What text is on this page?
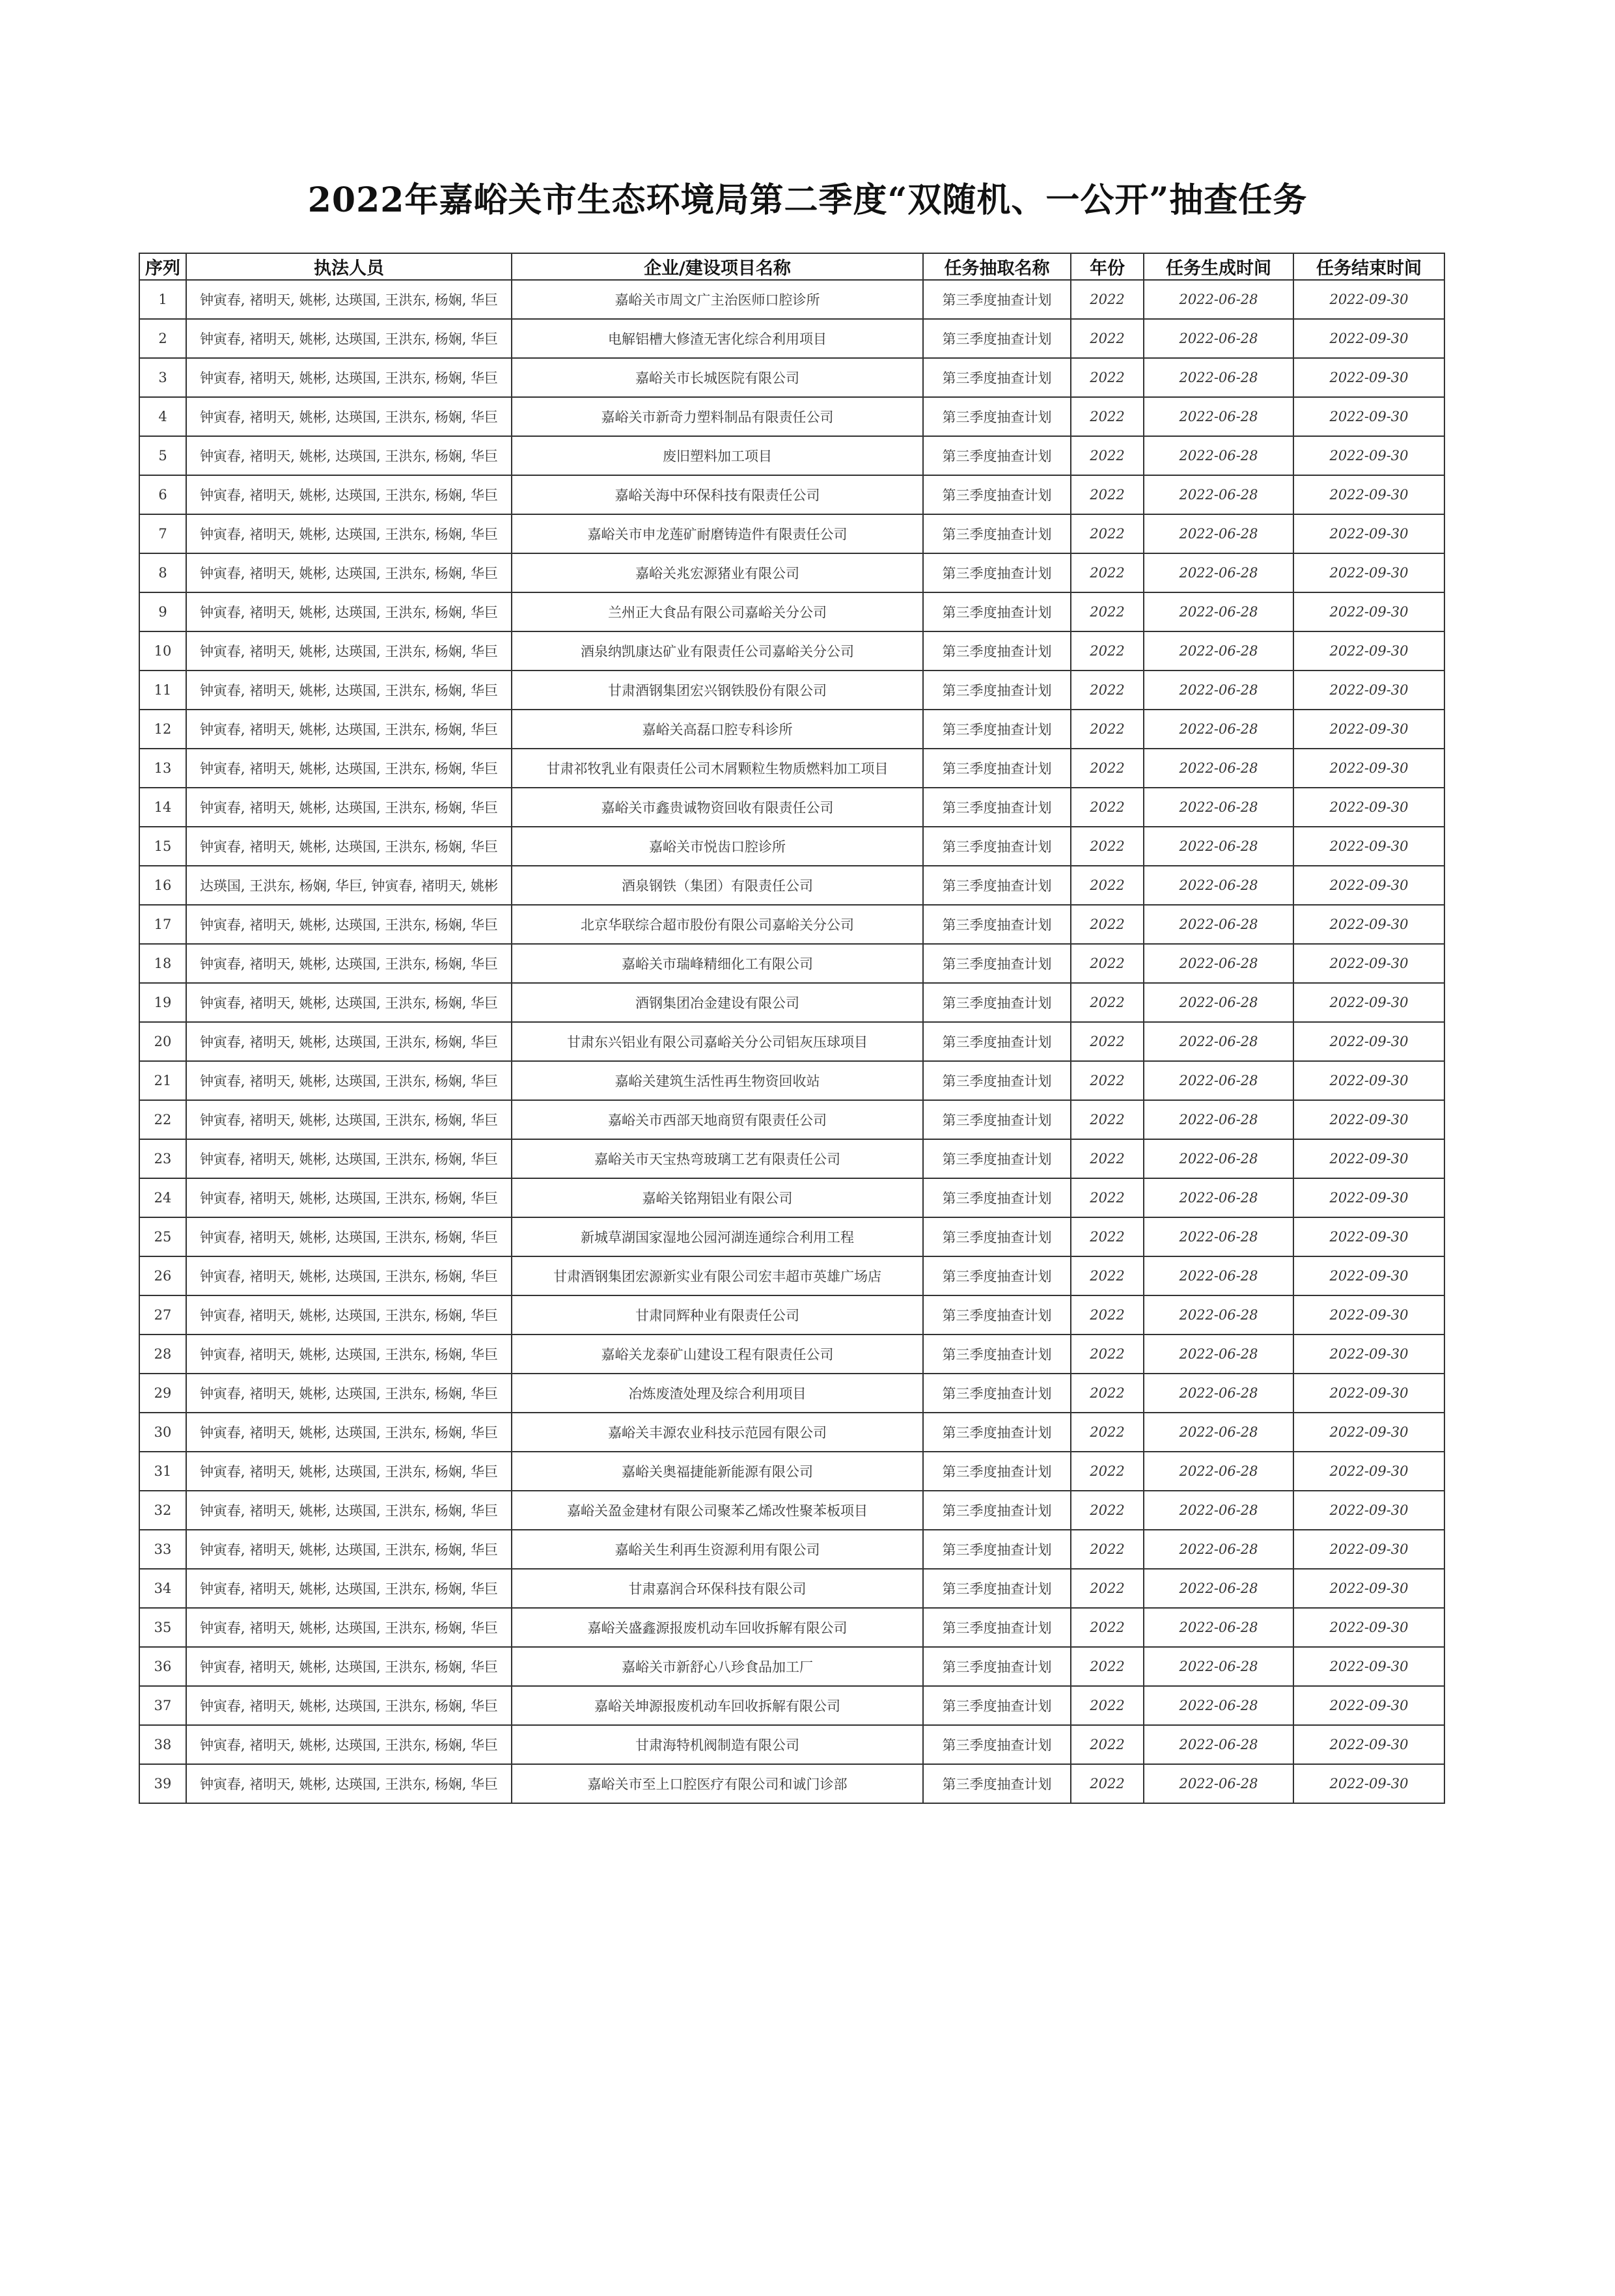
2022年嘉峪关市生态环境局第二季度“双随机、一公开”抽查任务
序列	执法人员	企业/建设项目名称	任务抽取名称	年份	任务生成时间	任务结束时间
1	钟寅春, 褚明天, 姚彬, 达瑛国, 王洪东, 杨娴, 华巨	嘉峪关市周文广主治医师口腔诊所	第三季度抽查计划	2022	2022-06-28	2022-09-30
2	钟寅春, 褚明天, 姚彬, 达瑛国, 王洪东, 杨娴, 华巨	电解铝槽大修渣无害化综合利用项目	第三季度抽查计划	2022	2022-06-28	2022-09-30
3	钟寅春, 褚明天, 姚彬, 达瑛国, 王洪东, 杨娴, 华巨	嘉峪关市长城医院有限公司	第三季度抽查计划	2022	2022-06-28	2022-09-30
4	钟寅春, 褚明天, 姚彬, 达瑛国, 王洪东, 杨娴, 华巨	嘉峪关市新奇力塑料制品有限责任公司	第三季度抽查计划	2022	2022-06-28	2022-09-30
5	钟寅春, 褚明天, 姚彬, 达瑛国, 王洪东, 杨娴, 华巨	废旧塑料加工项目	第三季度抽查计划	2022	2022-06-28	2022-09-30
6	钟寅春, 褚明天, 姚彬, 达瑛国, 王洪东, 杨娴, 华巨	嘉峪关海中环保科技有限责任公司	第三季度抽查计划	2022	2022-06-28	2022-09-30
7	钟寅春, 褚明天, 姚彬, 达瑛国, 王洪东, 杨娴, 华巨	嘉峪关市申龙莲矿耐磨铸造件有限责任公司	第三季度抽查计划	2022	2022-06-28	2022-09-30
8	钟寅春, 褚明天, 姚彬, 达瑛国, 王洪东, 杨娴, 华巨	嘉峪关兆宏源猪业有限公司	第三季度抽查计划	2022	2022-06-28	2022-09-30
9	钟寅春, 褚明天, 姚彬, 达瑛国, 王洪东, 杨娴, 华巨	兰州正大食品有限公司嘉峪关分公司	第三季度抽查计划	2022	2022-06-28	2022-09-30
10	钟寅春, 褚明天, 姚彬, 达瑛国, 王洪东, 杨娴, 华巨	酒泉纳凯康达矿业有限责任公司嘉峪关分公司	第三季度抽查计划	2022	2022-06-28	2022-09-30
11	钟寅春, 褚明天, 姚彬, 达瑛国, 王洪东, 杨娴, 华巨	甘肃酒钢集团宏兴钢铁股份有限公司	第三季度抽查计划	2022	2022-06-28	2022-09-30
12	钟寅春, 褚明天, 姚彬, 达瑛国, 王洪东, 杨娴, 华巨	嘉峪关高磊口腔专科诊所	第三季度抽查计划	2022	2022-06-28	2022-09-30
13	钟寅春, 褚明天, 姚彬, 达瑛国, 王洪东, 杨娴, 华巨	甘肃祁牧乳业有限责任公司木屑颗粒生物质燃料加工项目	第三季度抽查计划	2022	2022-06-28	2022-09-30
14	钟寅春, 褚明天, 姚彬, 达瑛国, 王洪东, 杨娴, 华巨	嘉峪关市鑫贵诚物资回收有限责任公司	第三季度抽查计划	2022	2022-06-28	2022-09-30
15	钟寅春, 褚明天, 姚彬, 达瑛国, 王洪东, 杨娴, 华巨	嘉峪关市悦齿口腔诊所	第三季度抽查计划	2022	2022-06-28	2022-09-30
16	达瑛国, 王洪东, 杨娴, 华巨, 钟寅春, 褚明天, 姚彬	酒泉钢铁（集团）有限责任公司	第三季度抽查计划	2022	2022-06-28	2022-09-30
17	钟寅春, 褚明天, 姚彬, 达瑛国, 王洪东, 杨娴, 华巨	北京华联综合超市股份有限公司嘉峪关分公司	第三季度抽查计划	2022	2022-06-28	2022-09-30
18	钟寅春, 褚明天, 姚彬, 达瑛国, 王洪东, 杨娴, 华巨	嘉峪关市瑞峰精细化工有限公司	第三季度抽查计划	2022	2022-06-28	2022-09-30
19	钟寅春, 褚明天, 姚彬, 达瑛国, 王洪东, 杨娴, 华巨	酒钢集团冶金建设有限公司	第三季度抽查计划	2022	2022-06-28	2022-09-30
20	钟寅春, 褚明天, 姚彬, 达瑛国, 王洪东, 杨娴, 华巨	甘肃东兴铝业有限公司嘉峪关分公司铝灰压球项目	第三季度抽查计划	2022	2022-06-28	2022-09-30
21	钟寅春, 褚明天, 姚彬, 达瑛国, 王洪东, 杨娴, 华巨	嘉峪关建筑生活性再生物资回收站	第三季度抽查计划	2022	2022-06-28	2022-09-30
22	钟寅春, 褚明天, 姚彬, 达瑛国, 王洪东, 杨娴, 华巨	嘉峪关市西部天地商贸有限责任公司	第三季度抽查计划	2022	2022-06-28	2022-09-30
23	钟寅春, 褚明天, 姚彬, 达瑛国, 王洪东, 杨娴, 华巨	嘉峪关市天宝热弯玻璃工艺有限责任公司	第三季度抽查计划	2022	2022-06-28	2022-09-30
24	钟寅春, 褚明天, 姚彬, 达瑛国, 王洪东, 杨娴, 华巨	嘉峪关铭翔铝业有限公司	第三季度抽查计划	2022	2022-06-28	2022-09-30
25	钟寅春, 褚明天, 姚彬, 达瑛国, 王洪东, 杨娴, 华巨	新城草湖国家湿地公园河湖连通综合利用工程	第三季度抽查计划	2022	2022-06-28	2022-09-30
26	钟寅春, 褚明天, 姚彬, 达瑛国, 王洪东, 杨娴, 华巨	甘肃酒钢集团宏源新实业有限公司宏丰超市英雄广场店	第三季度抽查计划	2022	2022-06-28	2022-09-30
27	钟寅春, 褚明天, 姚彬, 达瑛国, 王洪东, 杨娴, 华巨	甘肃同辉种业有限责任公司	第三季度抽查计划	2022	2022-06-28	2022-09-30
28	钟寅春, 褚明天, 姚彬, 达瑛国, 王洪东, 杨娴, 华巨	嘉峪关龙泰矿山建设工程有限责任公司	第三季度抽查计划	2022	2022-06-28	2022-09-30
29	钟寅春, 褚明天, 姚彬, 达瑛国, 王洪东, 杨娴, 华巨	冶炼废渣处理及综合利用项目	第三季度抽查计划	2022	2022-06-28	2022-09-30
30	钟寅春, 褚明天, 姚彬, 达瑛国, 王洪东, 杨娴, 华巨	嘉峪关丰源农业科技示范园有限公司	第三季度抽查计划	2022	2022-06-28	2022-09-30
31	钟寅春, 褚明天, 姚彬, 达瑛国, 王洪东, 杨娴, 华巨	嘉峪关奥福捷能新能源有限公司	第三季度抽查计划	2022	2022-06-28	2022-09-30
32	钟寅春, 褚明天, 姚彬, 达瑛国, 王洪东, 杨娴, 华巨	嘉峪关盈金建材有限公司聚苯乙烯改性聚苯板项目	第三季度抽查计划	2022	2022-06-28	2022-09-30
33	钟寅春, 褚明天, 姚彬, 达瑛国, 王洪东, 杨娴, 华巨	嘉峪关生利再生资源利用有限公司	第三季度抽查计划	2022	2022-06-28	2022-09-30
34	钟寅春, 褚明天, 姚彬, 达瑛国, 王洪东, 杨娴, 华巨	甘肃嘉润合环保科技有限公司	第三季度抽查计划	2022	2022-06-28	2022-09-30
35	钟寅春, 褚明天, 姚彬, 达瑛国, 王洪东, 杨娴, 华巨	嘉峪关盛鑫源报废机动车回收拆解有限公司	第三季度抽查计划	2022	2022-06-28	2022-09-30
36	钟寅春, 褚明天, 姚彬, 达瑛国, 王洪东, 杨娴, 华巨	嘉峪关市新舒心八珍食品加工厂	第三季度抽查计划	2022	2022-06-28	2022-09-30
37	钟寅春, 褚明天, 姚彬, 达瑛国, 王洪东, 杨娴, 华巨	嘉峪关坤源报废机动车回收拆解有限公司	第三季度抽查计划	2022	2022-06-28	2022-09-30
38	钟寅春, 褚明天, 姚彬, 达瑛国, 王洪东, 杨娴, 华巨	甘肃海特机阀制造有限公司	第三季度抽查计划	2022	2022-06-28	2022-09-30
39	钟寅春, 褚明天, 姚彬, 达瑛国, 王洪东, 杨娴, 华巨	嘉峪关市至上口腔医疗有限公司和诚门诊部	第三季度抽查计划	2022	2022-06-28	2022-09-30
